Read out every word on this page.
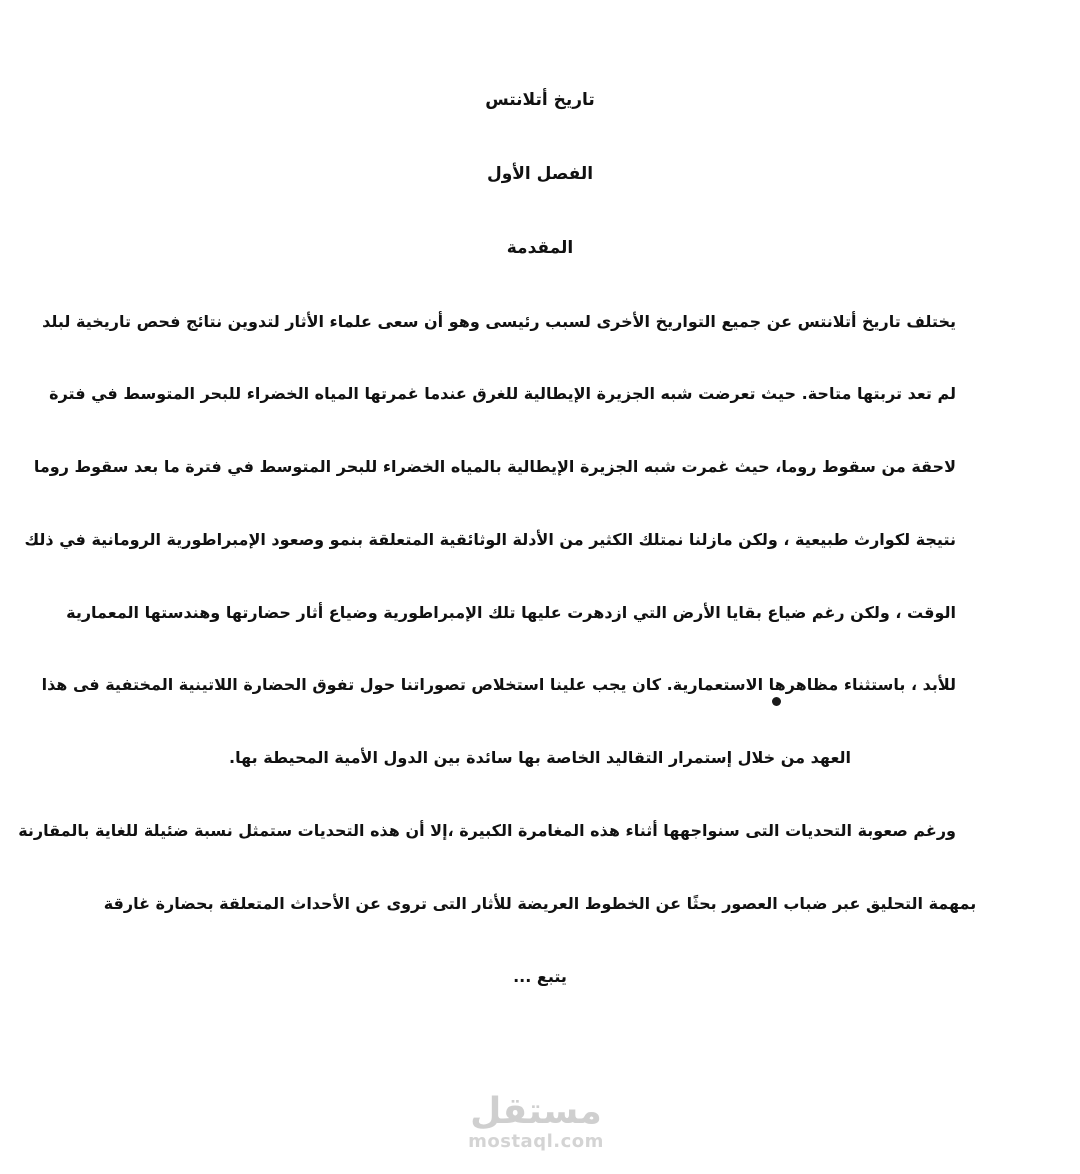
تاريخ أتلانتس
الفصل الأول
المقدمة
يختلف تاريخ أتلانتس عن جميع التواريخ الأخرى لسبب رئيسى وهو أن سعى علماء الأثار لتدوين نتائج فحص تاريخية لبلد
لم تعد تربتها متاحة. حيث تعرضت شبه الجزيرة الإيطالية للغرق عندما غمرتها المياه الخضراء للبحر المتوسط في فترة
لاحقة من سقوط روما، حيث غمرت شبه الجزيرة الإيطالية بالمياه الخضراء للبحر المتوسط في فترة ما بعد سقوط روما
نتيجة لكوارث طبيعية ، ولكن مازلنا نمتلك الكثير من الأدلة الوثائقية المتعلقة بنمو وصعود الإمبراطورية الرومانية في ذلك
الوقت ، ولكن رغم ضياع بقايا الأرض التي ازدهرت عليها تلك الإمبراطورية وضياع أثار حضارتها وهندستها المعمارية
للأبد ، باستثناء مظاهرها الاستعمارية. كان يجب علينا استخلاص تصوراتنا حول تفوق الحضارة اللاتينية المختفية فى هذا
العهد من خلال إستمرار التقاليد الخاصة بها سائدة بين الدول الأمية المحيطة بها.
ورغم صعوبة التحديات التى سنواجهها أثناء هذه المغامرة الكبيرة ،إلا أن هذه التحديات ستمثل نسبة ضئيلة للغاية بالمقارنة
بمهمة التحليق عبر ضباب العصور بحثًا عن الخطوط العريضة للأثار التى تروى عن الأحداث المتعلقة بحضارة غارقة
يتبع ...
مستقل
mostaql.com
